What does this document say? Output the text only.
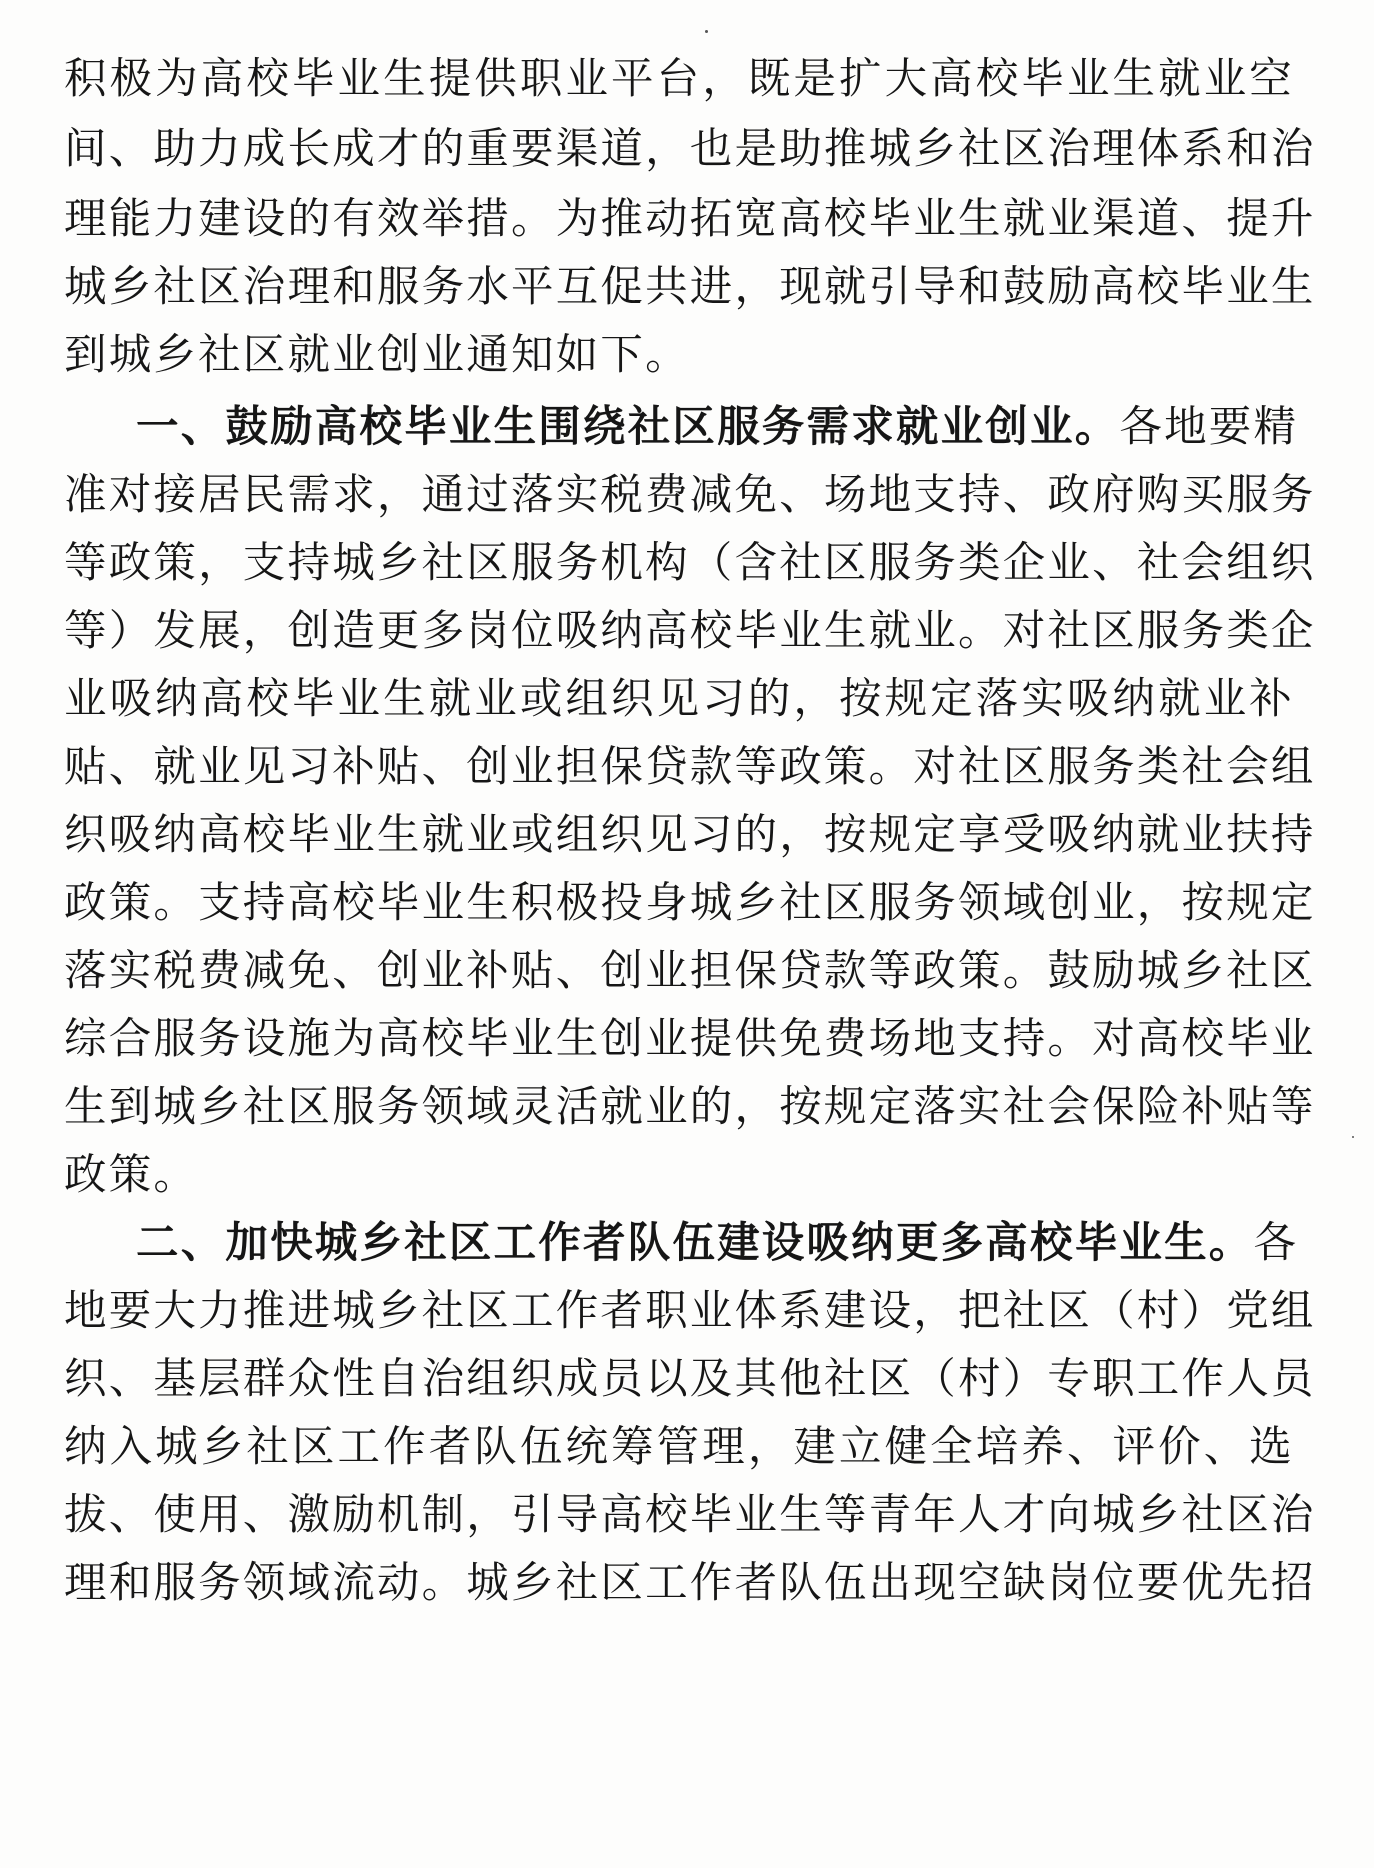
积极为高校毕业生提供职业平台，既是扩大高校毕业生就业空
间、助力成长成才的重要渠道，也是助推城乡社区治理体系和治
理能力建设的有效举措。为推动拓宽高校毕业生就业渠道、提升
城乡社区治理和服务水平互促共进，现就引导和鼓励高校毕业生
到城乡社区就业创业通知如下。
一、鼓励高校毕业生围绕社区服务需求就业创业。各地要精
准对接居民需求，通过落实税费减免、场地支持、政府购买服务
等政策，支持城乡社区服务机构（含社区服务类企业、社会组织
等）发展，创造更多岗位吸纳高校毕业生就业。对社区服务类企
业吸纳高校毕业生就业或组织见习的，按规定落实吸纳就业补
贴、就业见习补贴、创业担保贷款等政策。对社区服务类社会组
织吸纳高校毕业生就业或组织见习的，按规定享受吸纳就业扶持
政策。支持高校毕业生积极投身城乡社区服务领域创业，按规定
落实税费减免、创业补贴、创业担保贷款等政策。鼓励城乡社区
综合服务设施为高校毕业生创业提供免费场地支持。对高校毕业
生到城乡社区服务领域灵活就业的，按规定落实社会保险补贴等
政策。
二、加快城乡社区工作者队伍建设吸纳更多高校毕业生。各
地要大力推进城乡社区工作者职业体系建设，把社区（村）党组
织、基层群众性自治组织成员以及其他社区（村）专职工作人员
纳入城乡社区工作者队伍统筹管理，建立健全培养、评价、选
拔、使用、激励机制，引导高校毕业生等青年人才向城乡社区治
理和服务领域流动。城乡社区工作者队伍出现空缺岗位要优先招
